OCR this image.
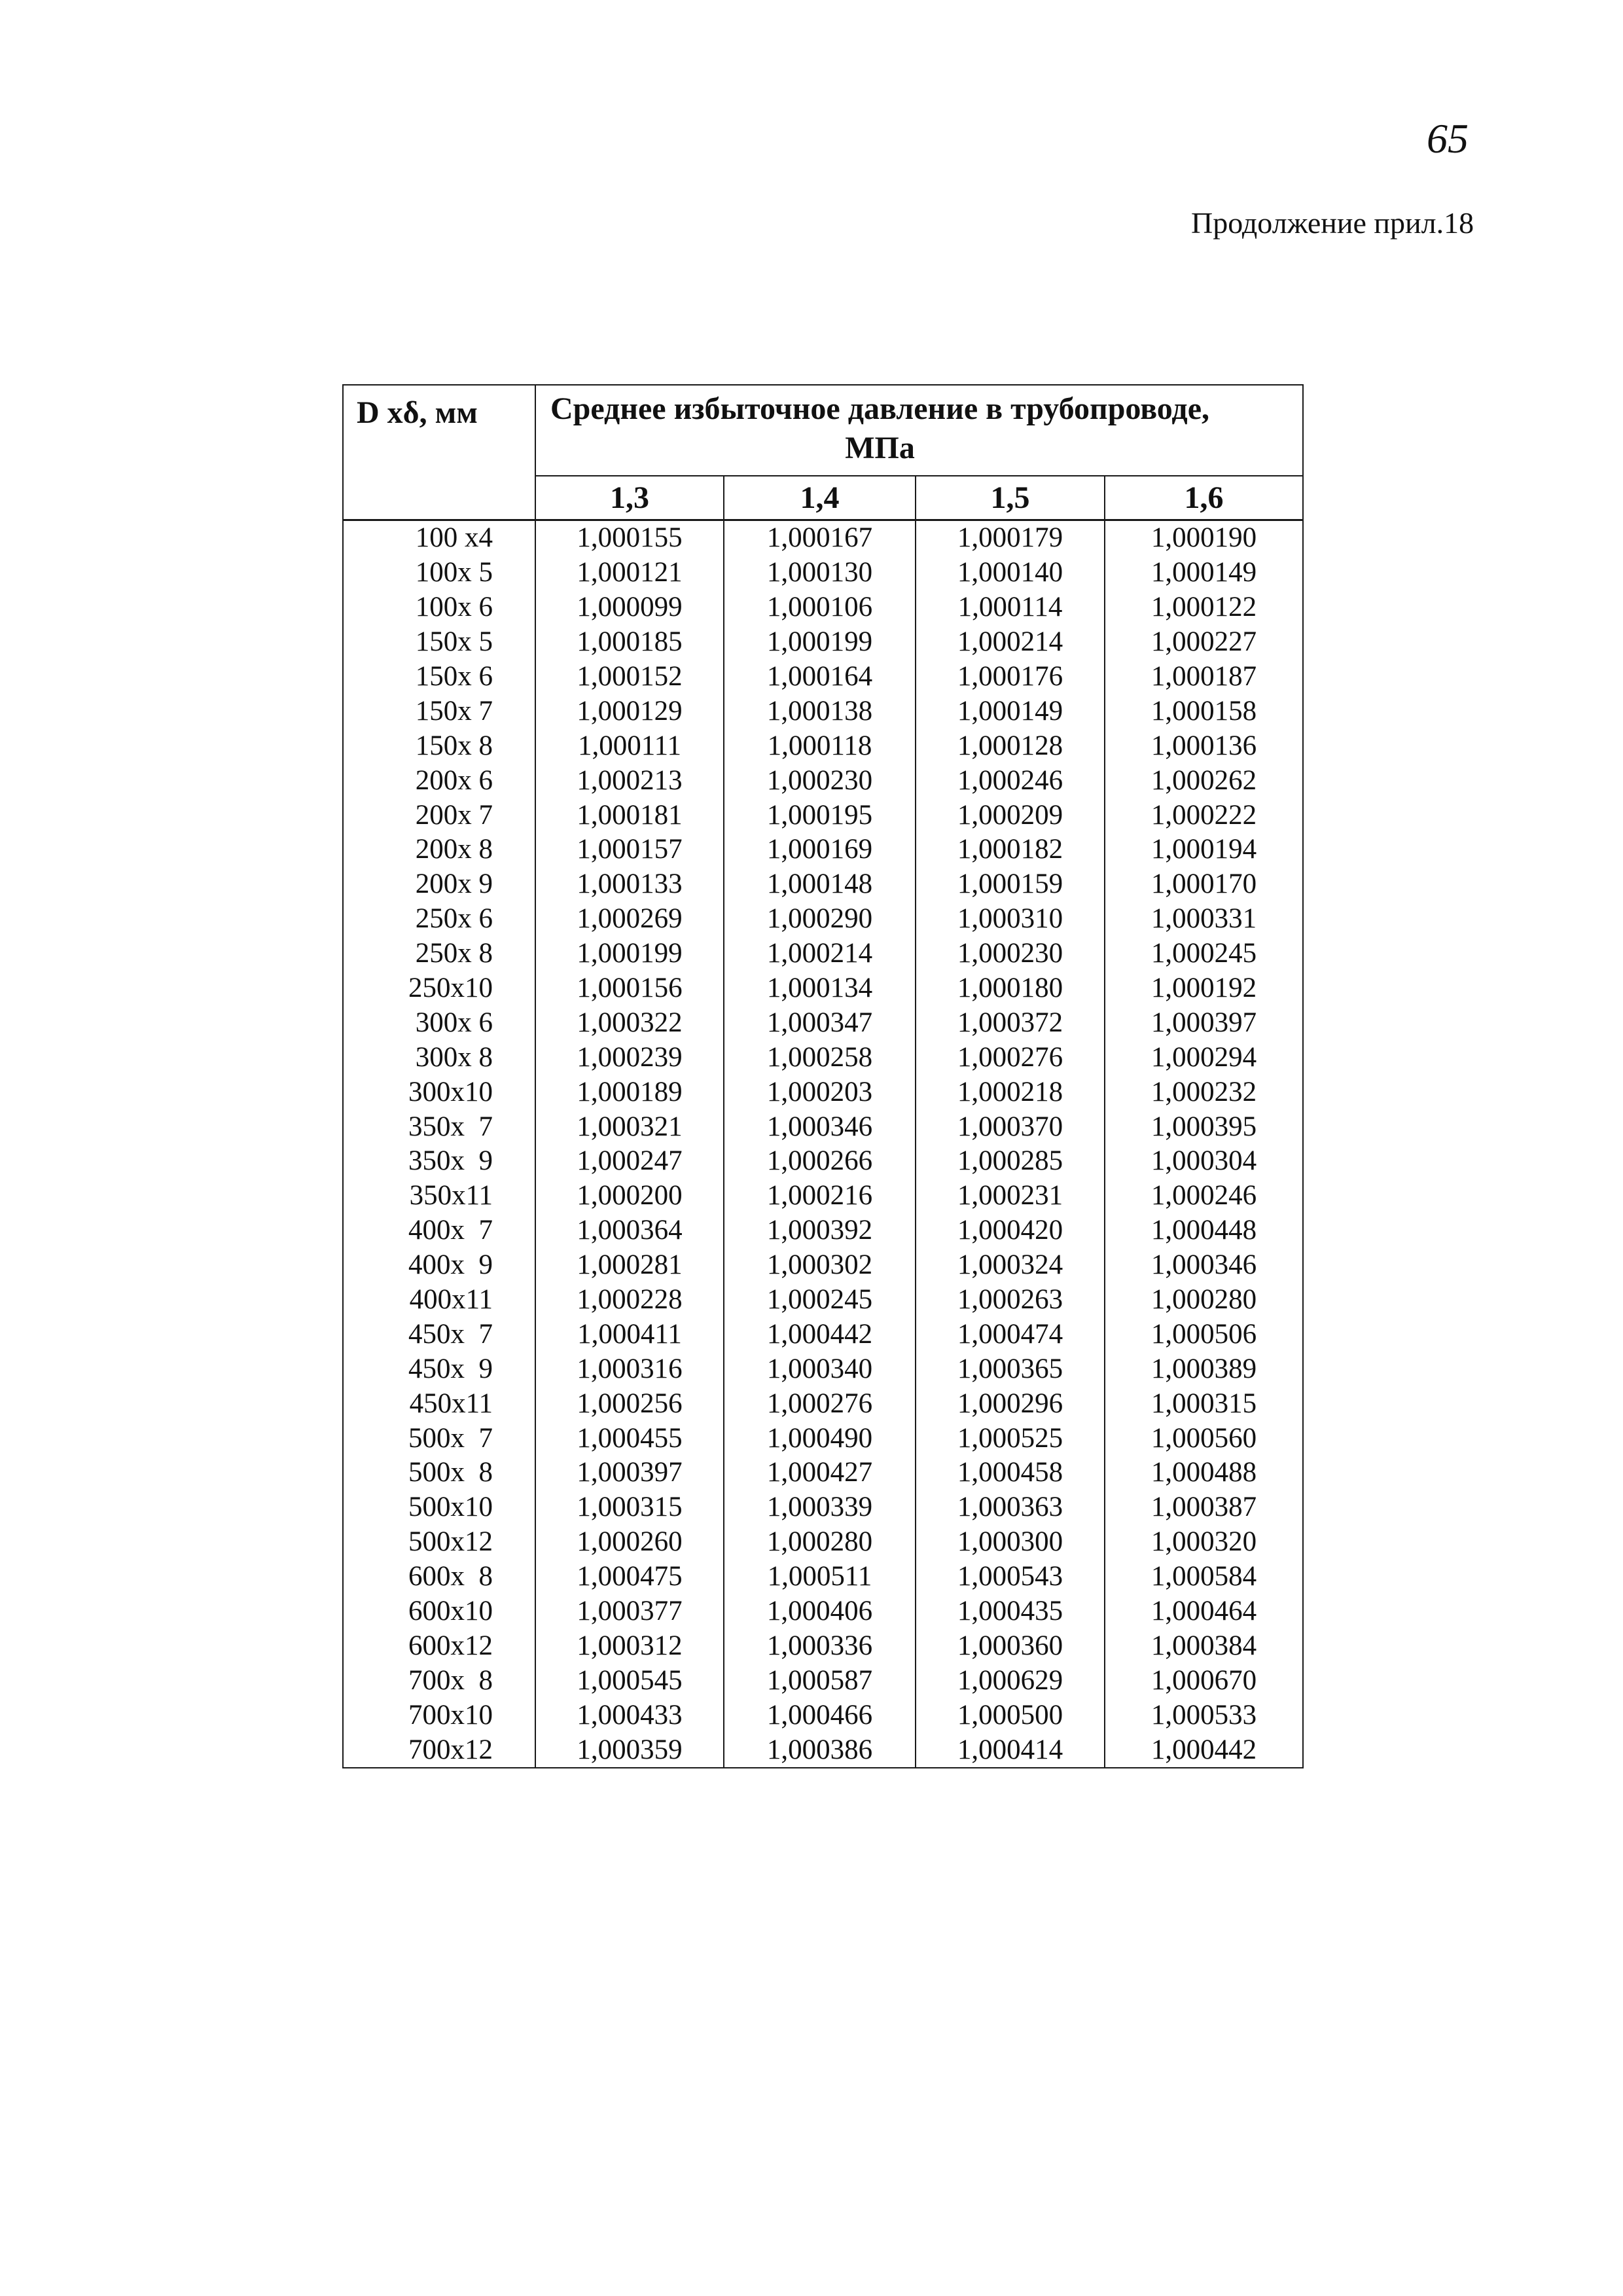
65
Продолжение прил.18
D xδ, мм	Среднее избыточное давление в трубопроводе, МПа			
	1,3	1,4	1,5	1,6
100 x4	1,000155	1,000167	1,000179	1,000190
100x 5	1,000121	1,000130	1,000140	1,000149
100x 6	1,000099	1,000106	1,000114	1,000122
150x 5	1,000185	1,000199	1,000214	1,000227
150x 6	1,000152	1,000164	1,000176	1,000187
150x 7	1,000129	1,000138	1,000149	1,000158
150x 8	1,000111	1,000118	1,000128	1,000136
200x 6	1,000213	1,000230	1,000246	1,000262
200x 7	1,000181	1,000195	1,000209	1,000222
200x 8	1,000157	1,000169	1,000182	1,000194
200x 9	1,000133	1,000148	1,000159	1,000170
250x 6	1,000269	1,000290	1,000310	1,000331
250x 8	1,000199	1,000214	1,000230	1,000245
250x10	1,000156	1,000134	1,000180	1,000192
300x 6	1,000322	1,000347	1,000372	1,000397
300x 8	1,000239	1,000258	1,000276	1,000294
300x10	1,000189	1,000203	1,000218	1,000232
350x  7	1,000321	1,000346	1,000370	1,000395
350x  9	1,000247	1,000266	1,000285	1,000304
350x11	1,000200	1,000216	1,000231	1,000246
400x  7	1,000364	1,000392	1,000420	1,000448
400x  9	1,000281	1,000302	1,000324	1,000346
400x11	1,000228	1,000245	1,000263	1,000280
450x  7	1,000411	1,000442	1,000474	1,000506
450x  9	1,000316	1,000340	1,000365	1,000389
450x11	1,000256	1,000276	1,000296	1,000315
500x  7	1,000455	1,000490	1,000525	1,000560
500x  8	1,000397	1,000427	1,000458	1,000488
500x10	1,000315	1,000339	1,000363	1,000387
500x12	1,000260	1,000280	1,000300	1,000320
600x  8	1,000475	1,000511	1,000543	1,000584
600x10	1,000377	1,000406	1,000435	1,000464
600x12	1,000312	1,000336	1,000360	1,000384
700x  8	1,000545	1,000587	1,000629	1,000670
700x10	1,000433	1,000466	1,000500	1,000533
700x12	1,000359	1,000386	1,000414	1,000442
